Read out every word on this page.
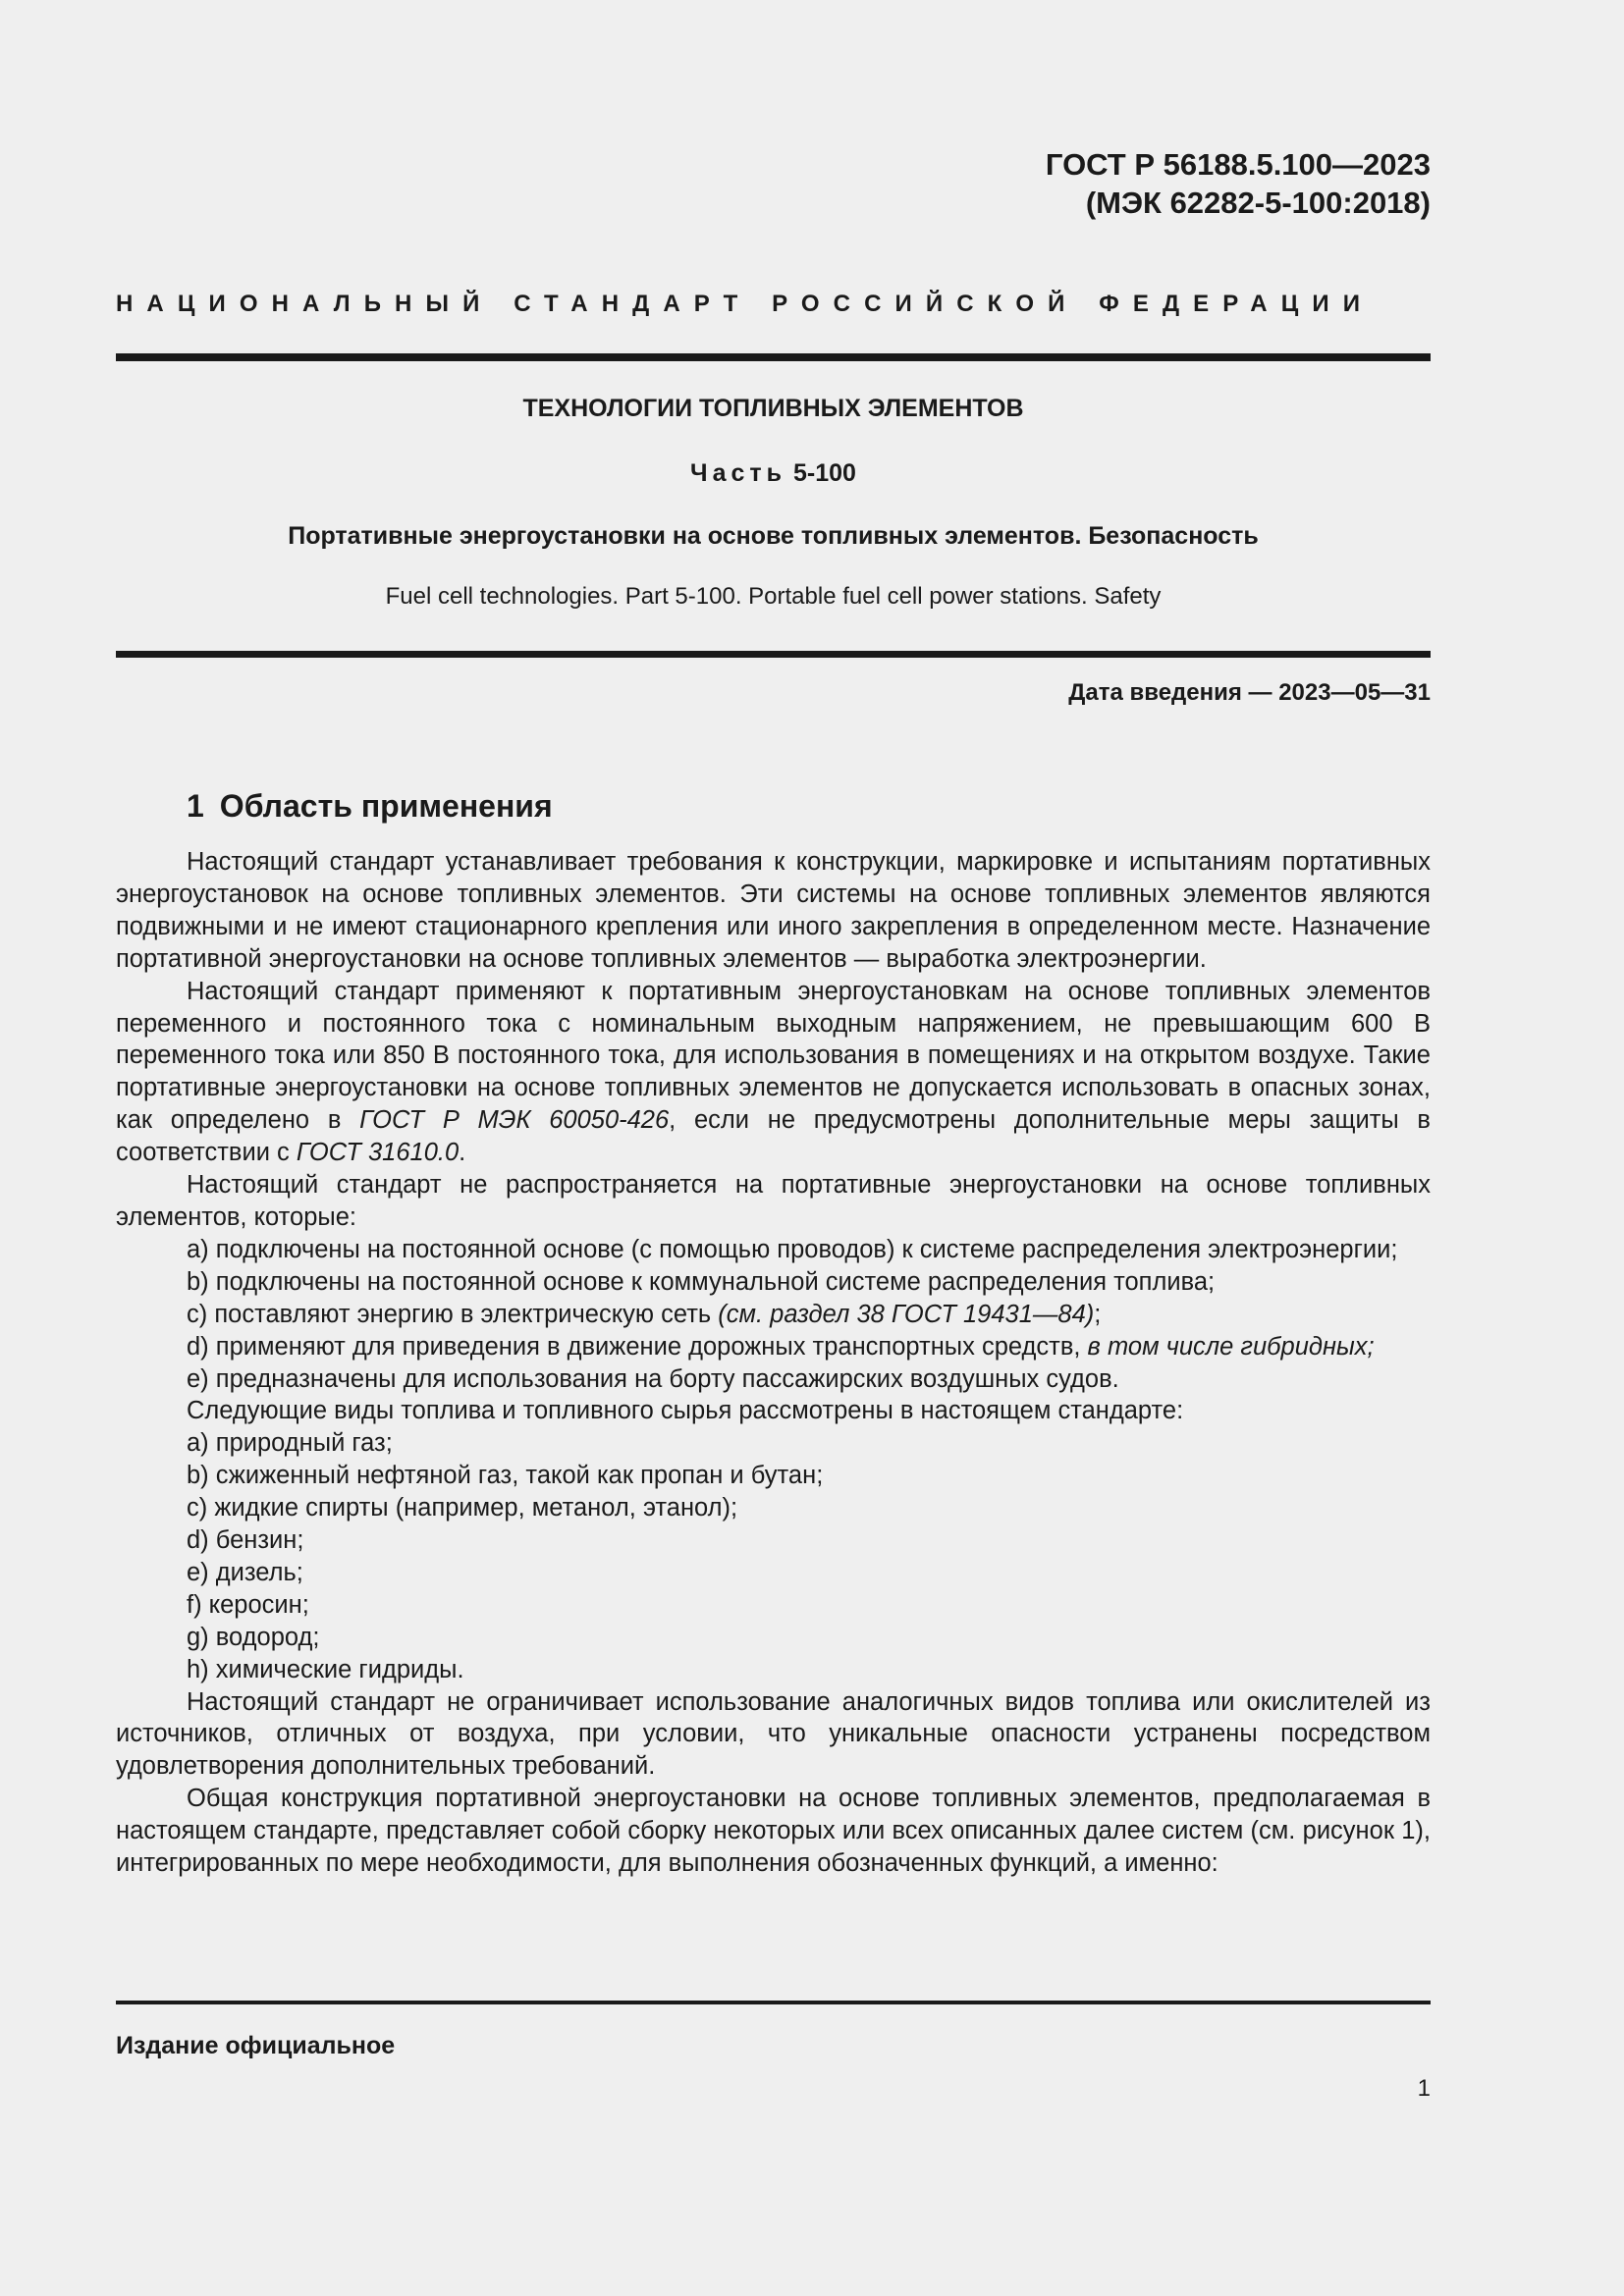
ГОСТ Р 56188.5.100—2023
(МЭК 62282-5-100:2018)
НАЦИОНАЛЬНЫЙ СТАНДАРТ РОССИЙСКОЙ ФЕДЕРАЦИИ
ТЕХНОЛОГИИ ТОПЛИВНЫХ ЭЛЕМЕНТОВ
Часть 5-100
Портативные энергоустановки на основе топливных элементов. Безопасность
Fuel cell technologies. Part 5-100. Portable fuel cell power stations. Safety
Дата введения — 2023—05—31
1 Область применения

Настоящий стандарт устанавливает требования к конструкции, маркировке и испытаниям портативных энергоустановок на основе топливных элементов. Эти системы на основе топливных элементов являются подвижными и не имеют стационарного крепления или иного закрепления в определенном месте. Назначение портативной энергоустановки на основе топливных элементов — выработка электроэнергии.

Настоящий стандарт применяют к портативным энергоустановкам на основе топливных элементов переменного и постоянного тока с номинальным выходным напряжением, не превышающим 600 В переменного тока или 850 В постоянного тока, для использования в помещениях и на открытом воздухе. Такие портативные энергоустановки на основе топливных элементов не допускается использовать в опасных зонах, как определено в ГОСТ Р МЭК 60050-426, если не предусмотрены дополнительные меры защиты в соответствии с ГОСТ 31610.0.

Настоящий стандарт не распространяется на портативные энергоустановки на основе топливных элементов, которые:

a) подключены на постоянной основе (с помощью проводов) к системе распределения электроэнергии;

b) подключены на постоянной основе к коммунальной системе распределения топлива;

c) поставляют энергию в электрическую сеть (см. раздел 38 ГОСТ 19431—84);

d) применяют для приведения в движение дорожных транспортных средств, в том числе гибридных;

e) предназначены для использования на борту пассажирских воздушных судов.

Следующие виды топлива и топливного сырья рассмотрены в настоящем стандарте:

a) природный газ;

b) сжиженный нефтяной газ, такой как пропан и бутан;

c) жидкие спирты (например, метанол, этанол);

d) бензин;

e) дизель;

f) керосин;

g) водород;

h) химические гидриды.

Настоящий стандарт не ограничивает использование аналогичных видов топлива или окислителей из источников, отличных от воздуха, при условии, что уникальные опасности устранены посредством удовлетворения дополнительных требований.

Общая конструкция портативной энергоустановки на основе топливных элементов, предполагаемая в настоящем стандарте, представляет собой сборку некоторых или всех описанных далее систем (см. рисунок 1), интегрированных по мере необходимости, для выполнения обозначенных функций, а именно:

Издание официальное
1
